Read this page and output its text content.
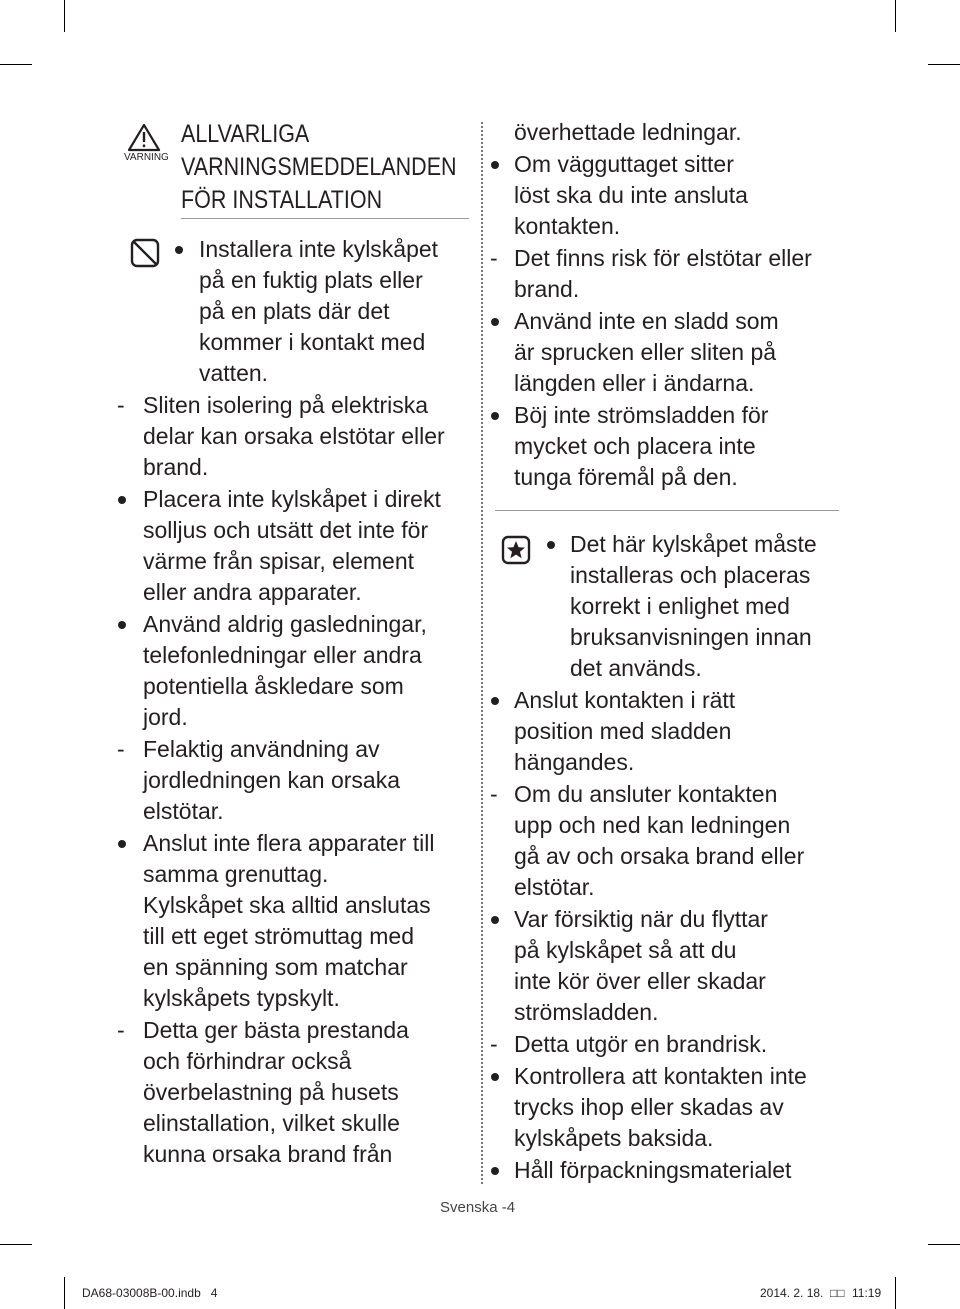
VARNING
ALLVARLIGA
VARNINGSMEDDELANDEN
FÖR INSTALLATION
Installera inte kylskåpet
på en fuktig plats eller
på en plats där det
kommer i kontakt med
vatten.
- Sliten isolering på elektriska
delar kan orsaka elstötar eller
brand.
Placera inte kylskåpet i direkt
solljus och utsätt det inte för
värme från spisar, element
eller andra apparater.
Använd aldrig gasledningar,
telefonledningar eller andra
potentiella åskledare som
jord.
- Felaktig användning av
jordledningen kan orsaka
elstötar.
Anslut inte flera apparater till
samma grenuttag.
Kylskåpet ska alltid anslutas
till ett eget strömuttag med
en spänning som matchar
kylskåpets typskylt.
- Detta ger bästa prestanda
och förhindrar också
överbelastning på husets
elinstallation, vilket skulle
kunna orsaka brand från
överhettade ledningar.
Om vägguttaget sitter
löst ska du inte ansluta
kontakten.
- Det finns risk för elstötar eller
brand.
Använd inte en sladd som
är sprucken eller sliten på
längden eller i ändarna.
Böj inte strömsladden för
mycket och placera inte
tunga föremål på den.
Det här kylskåpet måste
installeras och placeras
korrekt i enlighet med
bruksanvisningen innan
det används.
Anslut kontakten i rätt
position med sladden
hängandes.
- Om du ansluter kontakten
upp och ned kan ledningen
gå av och orsaka brand eller
elstötar.
Var försiktig när du flyttar
på kylskåpet så att du
inte kör över eller skadar
strömsladden.
- Detta utgör en brandrisk.
Kontrollera att kontakten inte
trycks ihop eller skadas av
kylskåpets baksida.
Håll förpackningsmaterialet
Svenska -4
DA68-03008B-00.indb   4	2014. 2. 18. □□ 11:19
